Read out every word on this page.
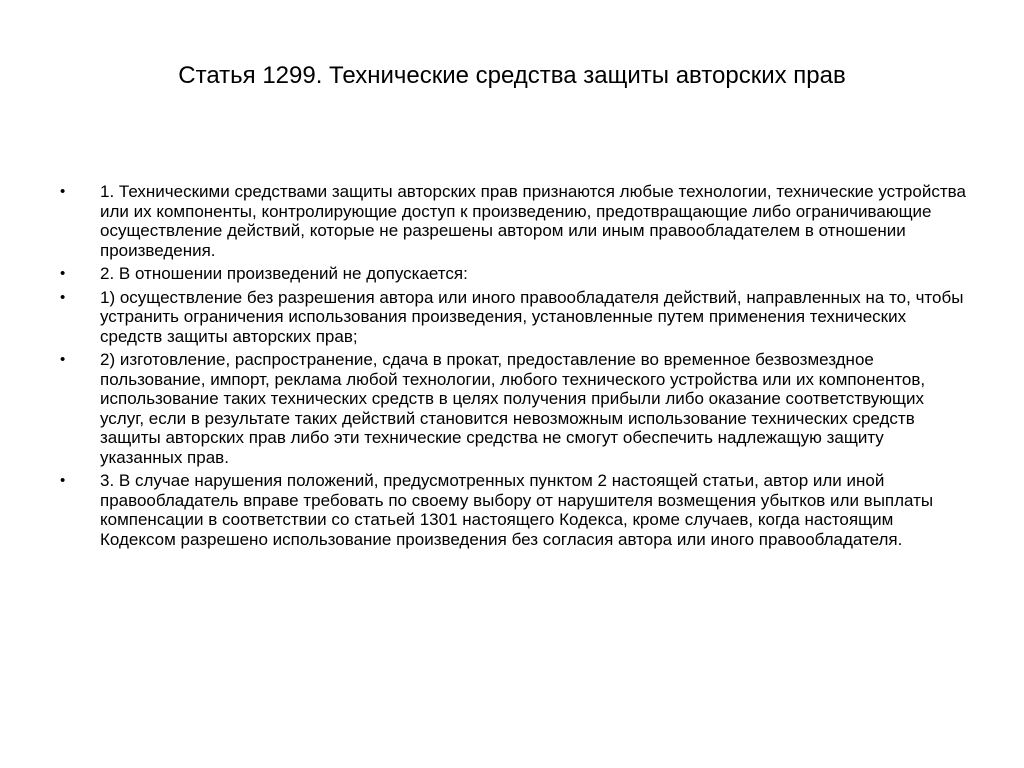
Статья 1299. Технические средства защиты авторских прав
•	1. Техническими средствами защиты авторских прав признаются любые технологии, технические устройства или их компоненты, контролирующие доступ к произведению, предотвращающие либо ограничивающие осуществление действий, которые не разрешены автором или иным правообладателем в отношении произведения.
•	2. В отношении произведений не допускается:
•	1) осуществление без разрешения автора или иного правообладателя действий, направленных на то, чтобы устранить ограничения использования произведения, установленные путем применения технических средств защиты авторских прав;
•	2) изготовление, распространение, сдача в прокат, предоставление во временное безвозмездное пользование, импорт, реклама любой технологии, любого технического устройства или их компонентов, использование таких технических средств в целях получения прибыли либо оказание соответствующих услуг, если в результате таких действий становится невозможным использование технических средств защиты авторских прав либо эти технические средства не смогут обеспечить надлежащую защиту указанных прав.
•	3. В случае нарушения положений, предусмотренных пунктом 2 настоящей статьи, автор или иной правообладатель вправе требовать по своему выбору от нарушителя возмещения убытков или выплаты компенсации в соответствии со статьей 1301 настоящего Кодекса, кроме случаев, когда настоящим Кодексом разрешено использование произведения без согласия автора или иного правообладателя.
